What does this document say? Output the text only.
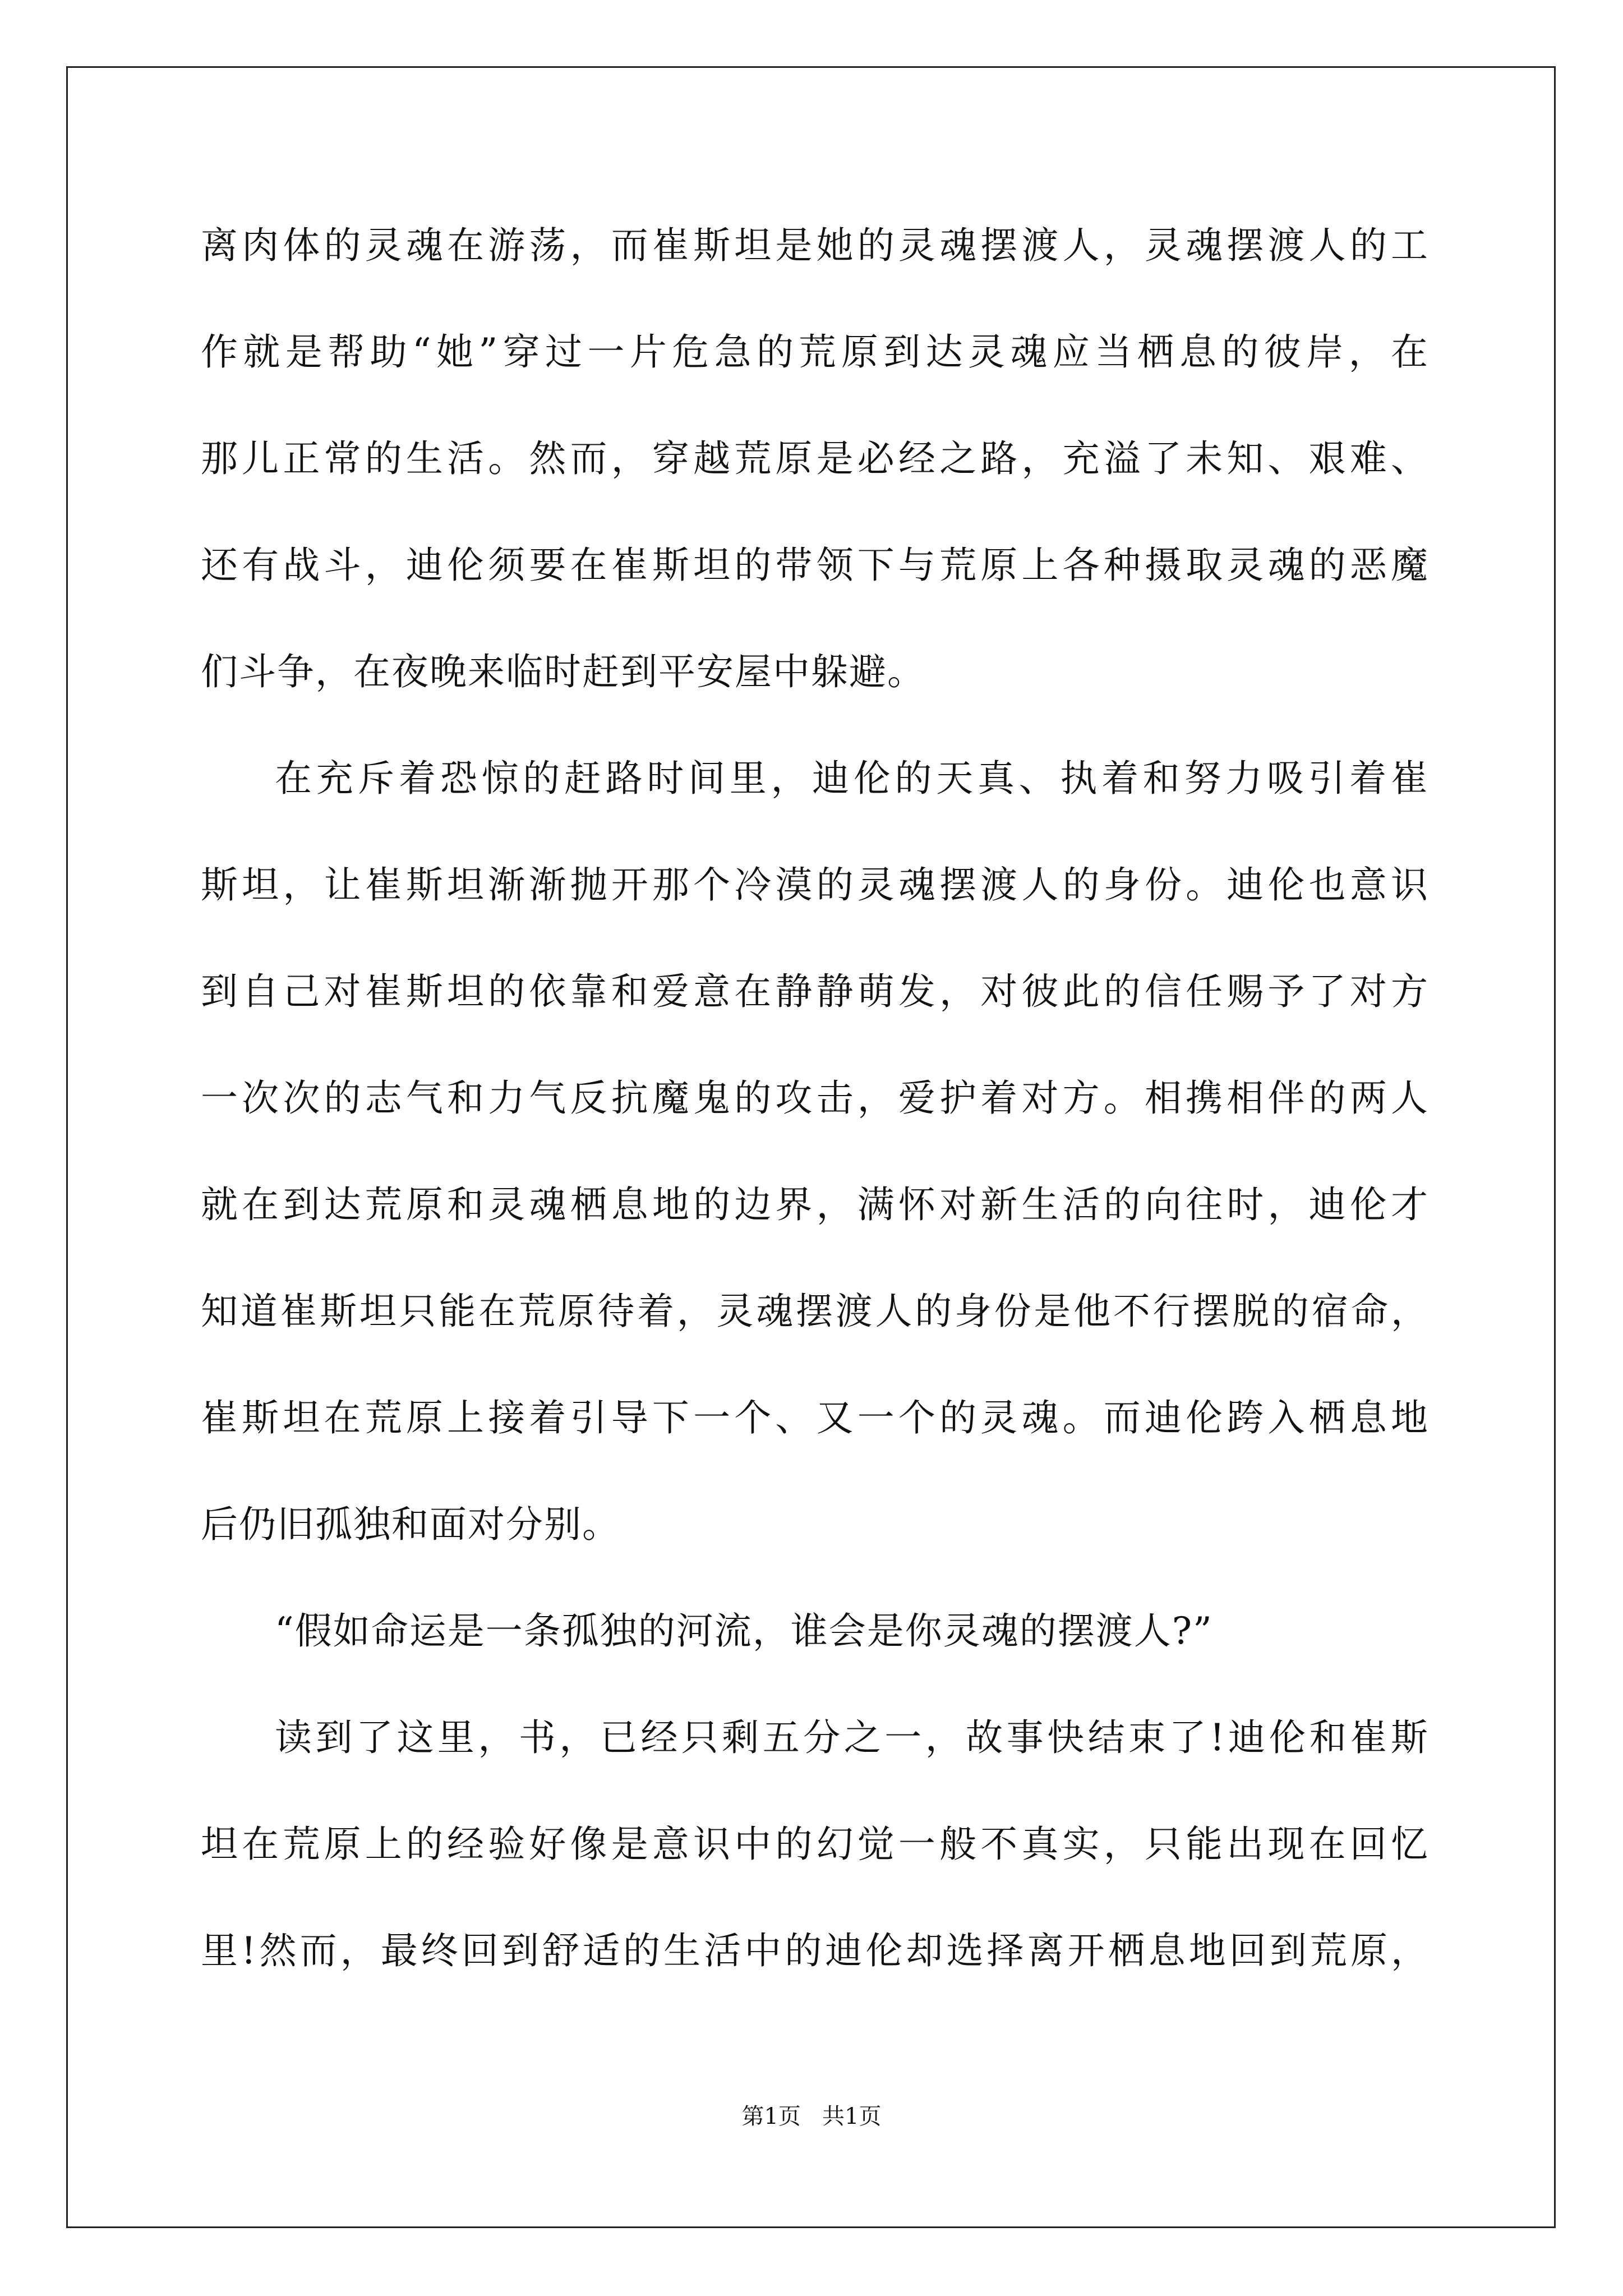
离肉体的灵魂在游荡，而崔斯坦是她的灵魂摆渡人，灵魂摆渡人的工

作就是帮助“她”穿过一片危急的荒原到达灵魂应当栖息的彼岸，在

那儿正常的生活。然而，穿越荒原是必经之路，充溢了未知、艰难、

还有战斗，迪伦须要在崔斯坦的带领下与荒原上各种摄取灵魂的恶魔

们斗争，在夜晚来临时赶到平安屋中躲避。

在充斥着恐惊的赶路时间里，迪伦的天真、执着和努力吸引着崔

斯坦，让崔斯坦渐渐抛开那个冷漠的灵魂摆渡人的身份。迪伦也意识

到自己对崔斯坦的依靠和爱意在静静萌发，对彼此的信任赐予了对方

一次次的志气和力气反抗魔鬼的攻击，爱护着对方。相携相伴的两人

就在到达荒原和灵魂栖息地的边界，满怀对新生活的向往时，迪伦才

知道崔斯坦只能在荒原待着，灵魂摆渡人的身份是他不行摆脱的宿命，

崔斯坦在荒原上接着引导下一个、又一个的灵魂。而迪伦跨入栖息地

后仍旧孤独和面对分别。

“假如命运是一条孤独的河流，谁会是你灵魂的摆渡人?”

读到了这里，书，已经只剩五分之一，故事快结束了!迪伦和崔斯

坦在荒原上的经验好像是意识中的幻觉一般不真实，只能出现在回忆

里!然而，最终回到舒适的生活中的迪伦却选择离开栖息地回到荒原，

第1页   共1页
